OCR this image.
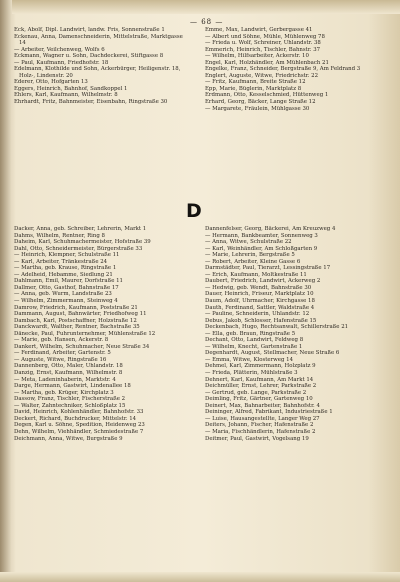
— 68 —

Eck, Abolf, Dipl. Landwirt, landw. Fris, Sonnenstraße 1

Eckenau, Anna, Damenschneiderin, Mittelstraße, Marktgasse 14

— Arbeiter, Veilchenweg, Wolfs 6

Eckmann, Wagner u. Sohn, Dachdeckerei, Stiftgasse 8

— Paul, Kaufmann, Friedhofstr. 18

Edelmann, Klothilde und Sohn, Ackerbürger, Heiligenstr. 18, Holz-, Lindenstr. 20

Ederer, Otto, Hofgarten 13

Eggers, Heinrich, Bahnhof, Sandkoppel 1

Ehlers, Karl, Kaufmann, Wilhelmstr. 8

Ehrhardt, Fritz, Bahnmeister, Eisenbahn, Ringstraße 30

Emme, Max, Landwirt, Gerbergasse 41

— Albert und Söhne, Mühle, Mühlenweg 78

— Frieda u. Wolf, Schreiner, Uhlandstr. 38

Emmerich, Heinrich, Tischler, Bahnstr. 37

— Wilhelm, Hilfsarbeiter, Ackerstr. 10

Engel, Karl, Holzhändler, Am Mühlenbach 21

Engelke, Franz, Schneider, Bergstraße 9, Am Feldrand 3

Englert, Auguste, Witwe, Friedrichstr. 22

— Fritz, Kaufmann, Breite Straße 12

Epp, Marie, Büglerin, Marktplatz 8

Erdmann, Otto, Kesselschmied, Hüttenweg 1

Erhard, Georg, Bäcker, Lange Straße 12

— Margarete, Fräulein, Mühlgasse 30

D

Dacker, Anna, geb. Schreiber, Lehrerin, Markt 1

Dahms, Wilhelm, Rentner, Ring 8

Daheim, Karl, Schuhmachermeister, Hofstraße 39

Dahl, Otto, Schneidermeister, Bürgerstraße 33

— Heinrich, Klempner, Schulstraße 11

— Karl, Arbeiter, Tränkestraße 24

— Martha, geb. Krause, Ringstraße 1

— Adelheid, Hebamme, Siedlung 21

Dahlmann, Emil, Maurer, Dorfstraße 11

Dallmer, Otto, Gasthof, Bahnstraße 17

— Anna, geb. Wurm, Landstraße 23

— Wilhelm, Zimmermann, Steinweg 4

Damrow, Friedrich, Kaufmann, Poststraße 21

Dammann, August, Bahnwärter, Friedhofweg 11

Dambach, Karl, Postschaffner, Holzstraße 12

Danckwardt, Walther, Rentner, Bachstraße 35

Dänecke, Paul, Fuhrunternehmer, Mühlenstraße 12

— Marie, geb. Hansen, Ackerstr. 8

Dankert, Wilhelm, Schuhmacher, Neue Straße 34

— Ferdinand, Arbeiter, Gartenstr. 5

— Auguste, Witwe, Ringstraße 16

Dannenberg, Otto, Maler, Uhlandstr. 18

Danzig, Ernst, Kaufmann, Wilhelmstr. 8

— Meta, Ladeninhaberin, Marktstr. 4

Darge, Hermann, Gastwirt, Lindenallee 18

— Martha, geb. Krüger, Kirchplatz 3

Dassow, Franz, Tischler, Fischerstraße 2

— Walter, Zahntechniker, Schloßplatz 15

David, Heinrich, Kohlenhändler, Bahnhofstr. 33

Deckert, Richard, Buchdrucker, Mittelstr. 14

Degen, Karl u. Söhne, Spedition, Heidenweg 23

Dehn, Wilhelm, Viehhändler, Schmiedestraße 7

Deichmann, Anna, Witwe, Burgstraße 9

Dannenfelser, Georg, Bäckerei, Am Kreuzweg 4

— Hermann, Bankbeamter, Sonnenweg 3

— Anna, Witwe, Schulstraße 22

— Karl, Weinhändler, Am Schloßgarten 9

— Marie, Lehrerin, Bergstraße 5

— Robert, Arbeiter, Kleine Gasse 6

Darmstädter, Paul, Tierarzt, Lessingstraße 17

— Erich, Kaufmann, Moltkestraße 11

Daubert, Friedrich, Landwirt, Ackerweg 2

— Hedwig, geb. Wendt, Bahnstraße 30

Dauer, Heinrich, Friseur, Marktplatz 10

Daum, Adolf, Uhrmacher, Kirchgasse 18

Dauth, Ferdinand, Sattler, Waldstraße 4

— Pauline, Schneiderin, Uhlandstr. 12

Debus, Jakob, Schlosser, Hafenstraße 15

Deckenbach, Hugo, Rechtsanwalt, Schillerstraße 21

— Ella, geb. Braun, Ringstraße 5

Dechant, Otto, Landwirt, Feldweg 8

— Wilhelm, Knecht, Gartenstraße 1

Degenhardt, August, Stellmacher, Neue Straße 6

— Emma, Witwe, Klosterweg 14

Dehmel, Karl, Zimmermann, Holzplatz 9

— Frieda, Plätterin, Mühlstraße 3

Dehnert, Karl, Kaufmann, Am Markt 14

Deichmüller, Ernst, Lehrer, Parkstraße 2

— Gertrud, geb. Lange, Parkstraße 2

Deimling, Fritz, Gärtner, Gartenweg 10

Deinert, Max, Bahnarbeiter, Bahnhofstr. 4

Deininger, Alfred, Fabrikant, Industriestraße 1

— Luise, Hausangestellte, Langer Weg 27

Deiters, Johann, Fischer, Hafenstraße 2

— Maria, Fischhändlerin, Hafenstraße 2

Deitmer, Paul, Gastwirt, Vogelsang 19
